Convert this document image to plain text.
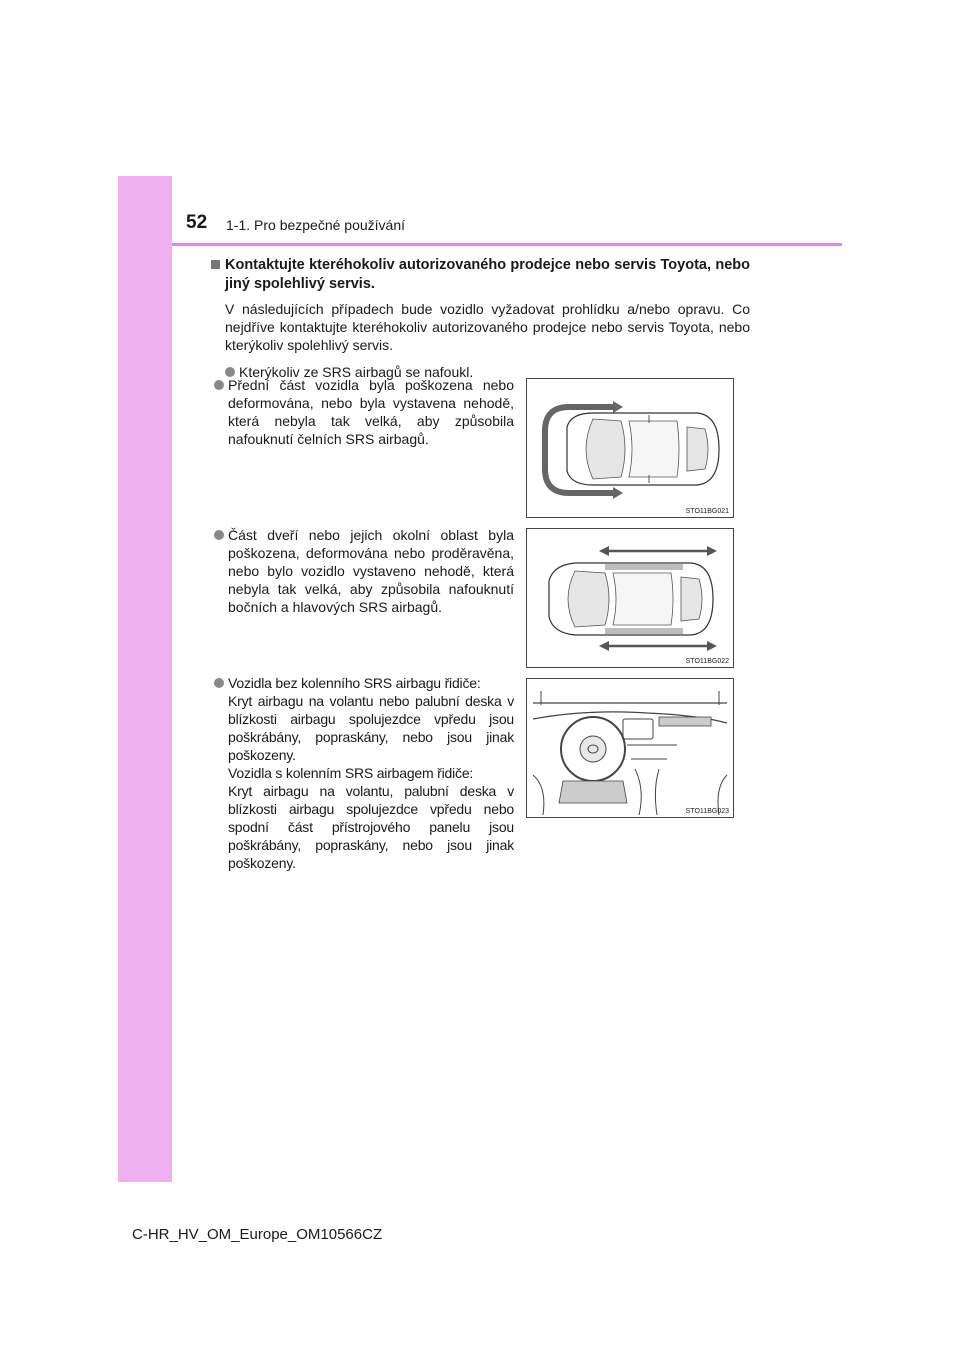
52 1-1. Pro bezpečné používání
Kontaktujte kteréhokoliv autorizovaného prodejce nebo servis Toyota, nebo jiný spolehlivý servis.
V následujících případech bude vozidlo vyžadovat prohlídku a/nebo opravu. Co nejdříve kontaktujte kteréhokoliv autorizovaného prodejce nebo servis Toyota, nebo kterýkoliv spolehlivý servis.
Kterýkoliv ze SRS airbagů se nafoukl.
Přední část vozidla byla poškozena nebo deformována, nebo byla vystavena nehodě, která nebyla tak velká, aby způsobila nafouknutí čelních SRS airbagů.
STO11BG021
Část dveří nebo jejich okolní oblast byla poškozena, deformována nebo proděravěna, nebo bylo vozidlo vystaveno nehodě, která nebyla tak velká, aby způsobila nafouknutí bočních a hlavových SRS airbagů.
STO11BG022
Vozidla bez kolenního SRS airbagu řidiče:
Kryt airbagu na volantu nebo palubní deska v blízkosti airbagu spolujezdce vpředu jsou poškrábány, popraskány, nebo jsou jinak poškozeny.
Vozidla s kolenním SRS airbagem řidiče:
Kryt airbagu na volantu, palubní deska v blízkosti airbagu spolujezdce vpředu nebo spodní část přístrojového panelu jsou poškrábány, popraskány, nebo jsou jinak poškozeny.
STO11BG023
C-HR_HV_OM_Europe_OM10566CZ
